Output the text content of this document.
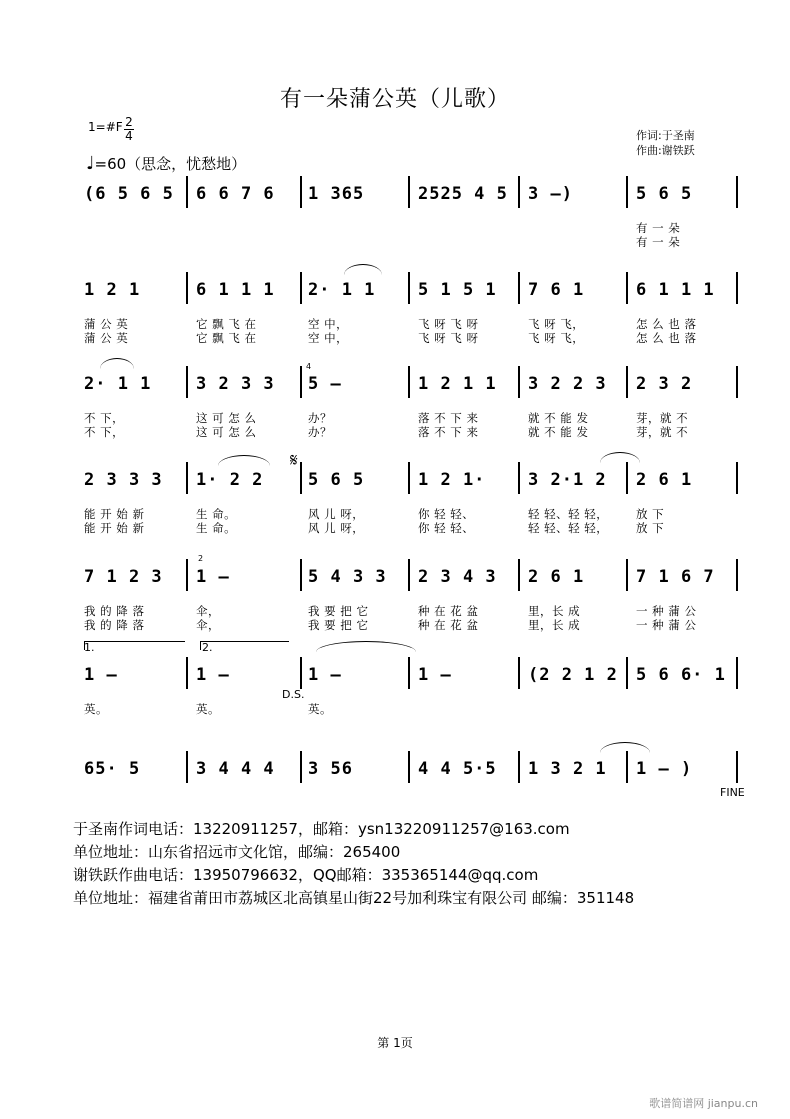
有一朵蒲公英（儿歌）
1=#F 2
4
♩=60（思念，忧愁地）
作词:于圣南
作曲:谢铁跃
(6 5 6 5 6 6 7 6 1 365	2525 4 5 3 –)	5 6 5
有 一 朵
有 一 朵
1 2 1	6 1 1 1 2· 1 1	5 1 5 1 7 6 1	6 1 1 1
蒲 公 英	它 飘 飞 在	空 中，	飞 呀 飞 呀	飞 呀 飞，	怎 么 也 落
蒲 公 英	它 飘 飞 在	空 中，	飞 呀 飞 呀	飞 呀 飞，	怎 么 也 落
2· 1 1	3 2 3 3 5 –	1 2 1 1 3 2 2 3 2 3 2
不 下，	这 可 怎 么	办？	落 不 下 来	就 不 能 发	芽，就 不
不 下，	这 可 怎 么	办？	落 不 下 来	就 不 能 发	芽，就 不
2 3 3 3 1· 2 2	5 6 5	1 2 1·	3 2·1 2 2 6 1
能 开 始 新	生 命。	风 儿 呀，	你 轻 轻、	轻 轻、轻 轻， 放 下
能 开 始 新	生 命。	风 儿 呀，	你 轻 轻、	轻 轻、轻 轻， 放 下
7 1 2 3 1 –	5 4 3 3 2 3 4 3 2 6 1	7 1 6 7
我 的 降 落	伞，	我 要 把 它	种 在 花 盆	里，长 成	一 种 蒲 公
我 的 降 落	伞，	我 要 把 它	种 在 花 盆	里，长 成	一 种 蒲 公
1 –	1 –	1 –	1 –	(2 2 1 2 5 6 6· 1
英。	英。	英。
65· 5	3 4 4 4 3 56	4 4 5·5 1 3 2 1 1 – )
于圣南作词电话：13220911257，邮箱：ysn13220911257@163.com
单位地址：山东省招远市文化馆，邮编：265400
谢铁跃作曲电话：13950796632，QQ邮箱：335365144@qq.com
单位地址：福建省莆田市荔城区北高镇星山街22号加利珠宝有限公司 邮编：351148
第 1页
歌谱简谱网 jianpu.cn
1.	2.
D.S.
𝄋
FINE
4
2
